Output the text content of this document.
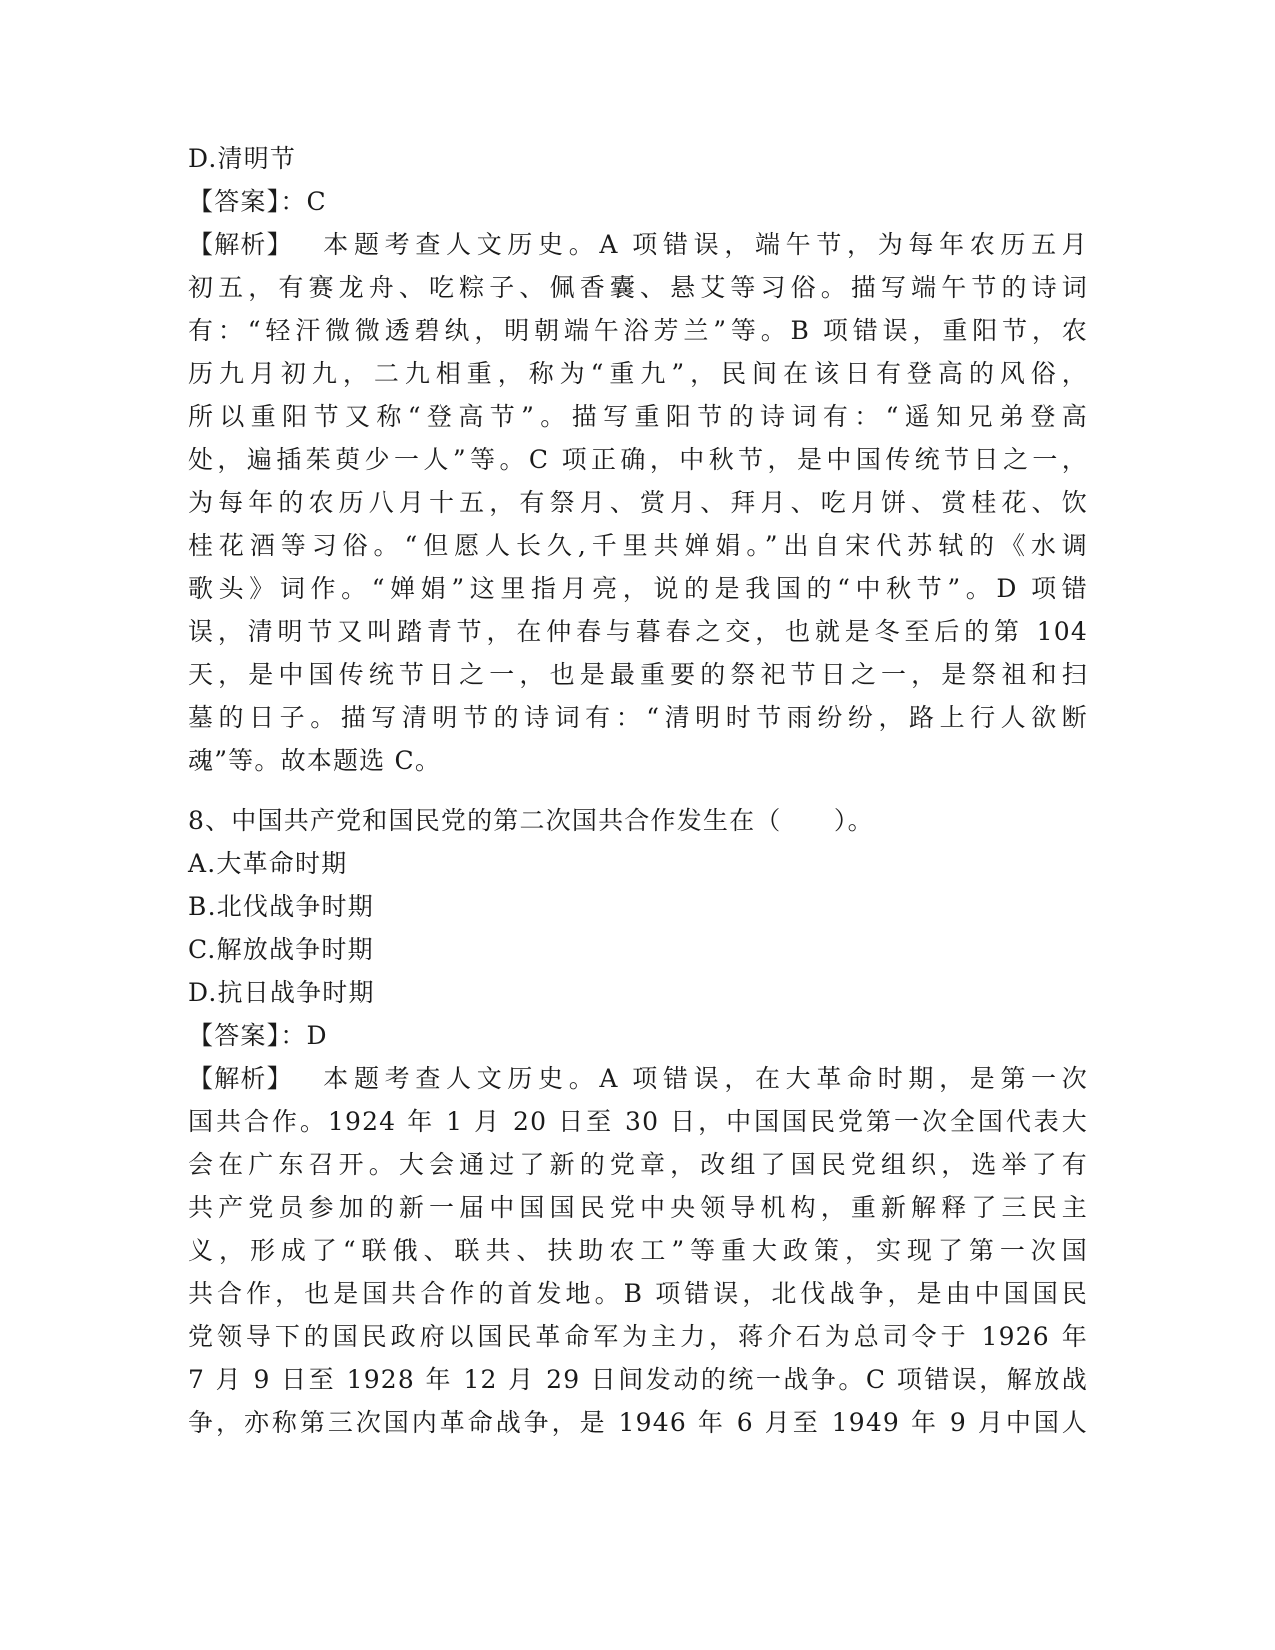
D.清明节
【答案】：C
【解析】 本题考查人文历史。A 项错误，端午节，为每年农历五月
初五，有赛龙舟、吃粽子、佩香囊、悬艾等习俗。描写端午节的诗词
有：“轻汗微微透碧纨，明朝端午浴芳兰”等。B 项错误，重阳节，农
历九月初九，二九相重，称为“重九”，民间在该日有登高的风俗，
所以重阳节又称“登高节”。描写重阳节的诗词有：“遥知兄弟登高
处，遍插茱萸少一人”等。C 项正确，中秋节，是中国传统节日之一，
为每年的农历八月十五，有祭月、赏月、拜月、吃月饼、赏桂花、饮
桂花酒等习俗。“但愿人长久,千里共婵娟。”出自宋代苏轼的《水调
歌头》词作。“婵娟”这里指月亮，说的是我国的“中秋节”。D 项错
误，清明节又叫踏青节，在仲春与暮春之交，也就是冬至后的第 104
天，是中国传统节日之一，也是最重要的祭祀节日之一，是祭祖和扫
墓的日子。描写清明节的诗词有：“清明时节雨纷纷，路上行人欲断
魂”等。故本题选 C。
8、中国共产党和国民党的第二次国共合作发生在（　　）。
A.大革命时期
B.北伐战争时期
C.解放战争时期
D.抗日战争时期
【答案】：D
【解析】 本题考查人文历史。A 项错误，在大革命时期，是第一次
国共合作。1924 年 1 月 20 日至 30 日，中国国民党第一次全国代表大
会在广东召开。大会通过了新的党章，改组了国民党组织，选举了有
共产党员参加的新一届中国国民党中央领导机构，重新解释了三民主
义，形成了“联俄、联共、扶助农工”等重大政策，实现了第一次国
共合作，也是国共合作的首发地。B 项错误，北伐战争，是由中国国民
党领导下的国民政府以国民革命军为主力，蒋介石为总司令于 1926 年
7 月 9 日至 1928 年 12 月 29 日间发动的统一战争。C 项错误，解放战
争，亦称第三次国内革命战争，是 1946 年 6 月至 1949 年 9 月中国人
